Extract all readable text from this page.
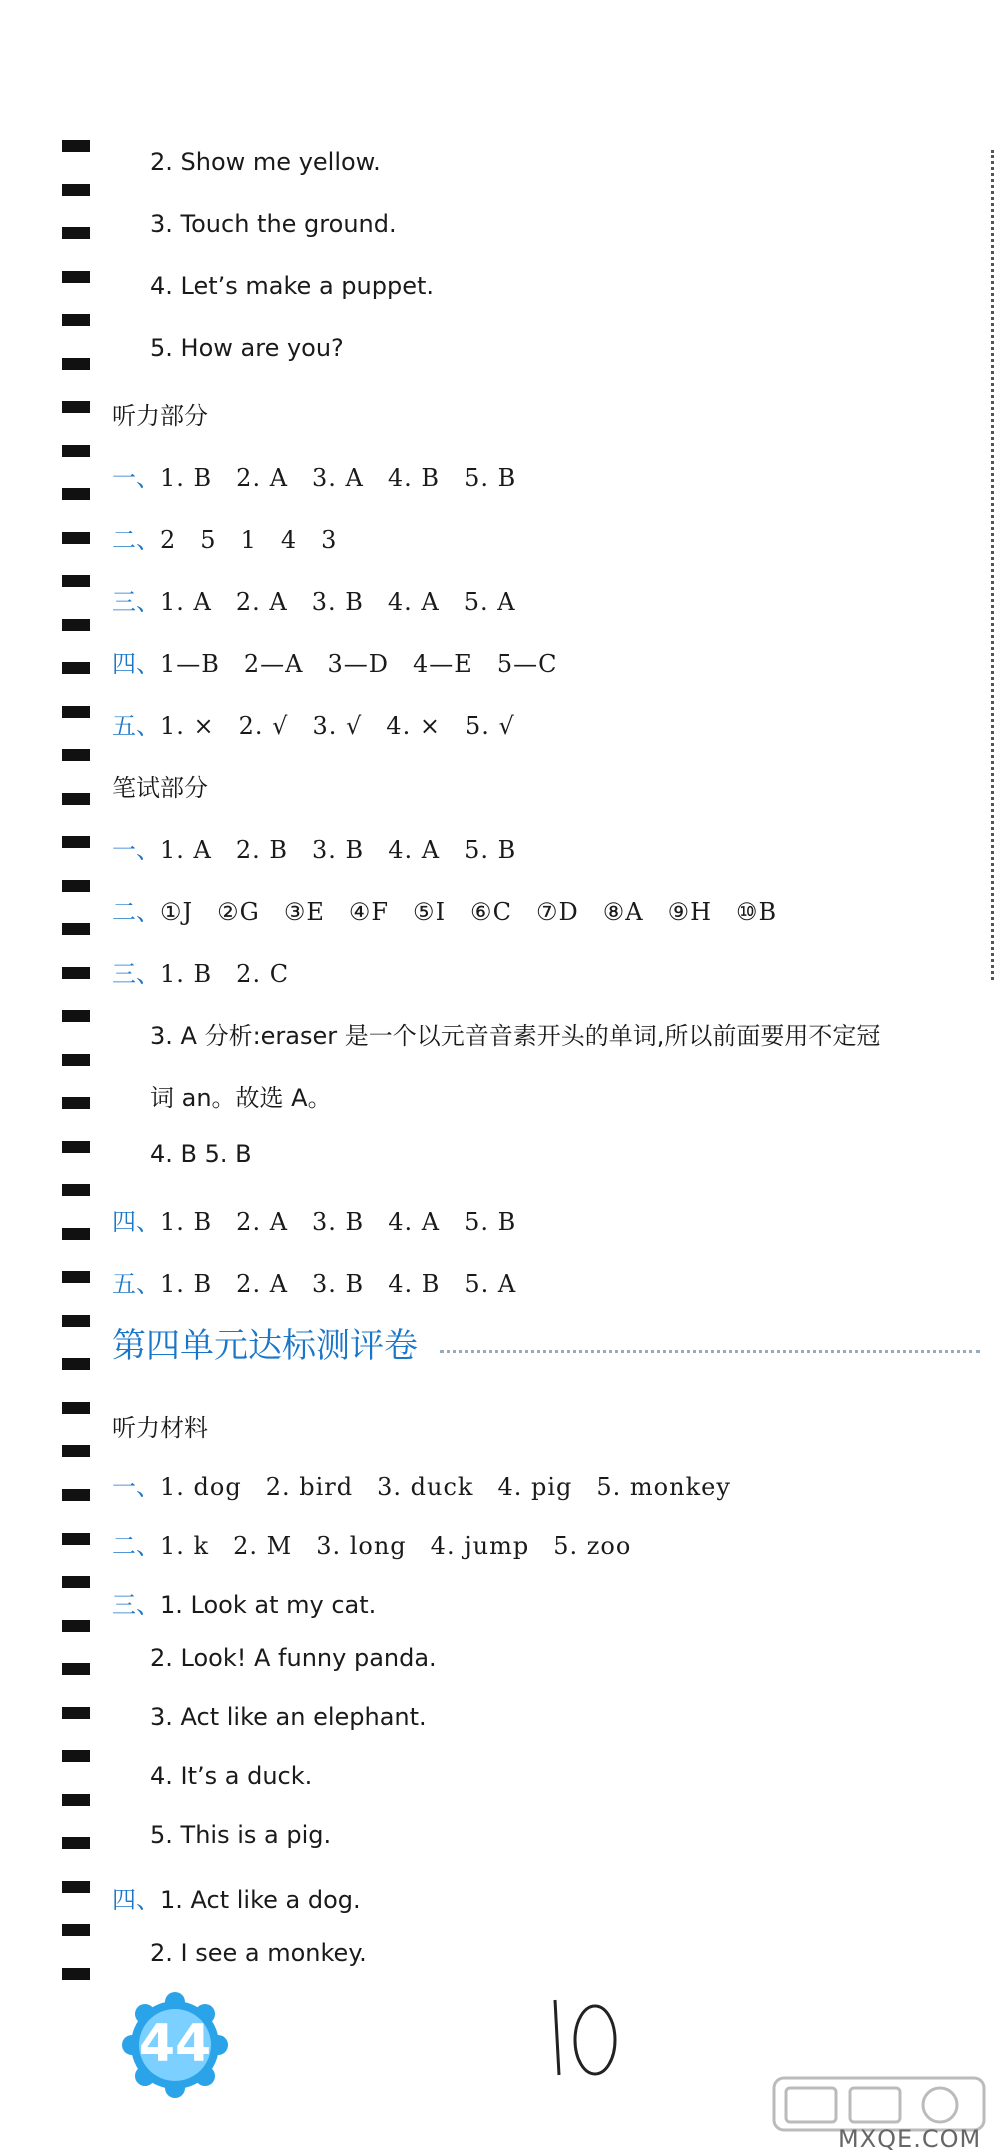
2. Show me yellow.
3. Touch the ground.
4. Let’s make a puppet.
5. How are you?
听力部分
一、1. B 2. A 3. A 4. B 5. B
二、2 5 1 4 3
三、1. A 2. A 3. B 4. A 5. A
四、1—B 2—A 3—D 4—E 5—C
五、1. × 2. √ 3. √ 4. × 5. √
笔试部分
一、1. A 2. B 3. B 4. A 5. B
二、①J ②G ③E ④F ⑤I ⑥C ⑦D ⑧A ⑨H ⑩B
三、1. B 2. C
3. A 分析:eraser 是一个以元音音素开头的单词,所以前面要用不定冠
词 an。故选 A。
4. B 5. B
四、1. B 2. A 3. B 4. A 5. B
五、1. B 2. A 3. B 4. B 5. A
第四单元达标测评卷
听力材料
一、1. dog 2. bird 3. duck 4. pig 5. monkey
二、1. k 2. M 3. long 4. jump 5. zoo
三、1. Look at my cat.
2. Look! A funny panda.
3. Act like an elephant.
4. It’s a duck.
5. This is a pig.
四、1. Act like a dog.
2. I see a monkey.
44
MXQE.COM
